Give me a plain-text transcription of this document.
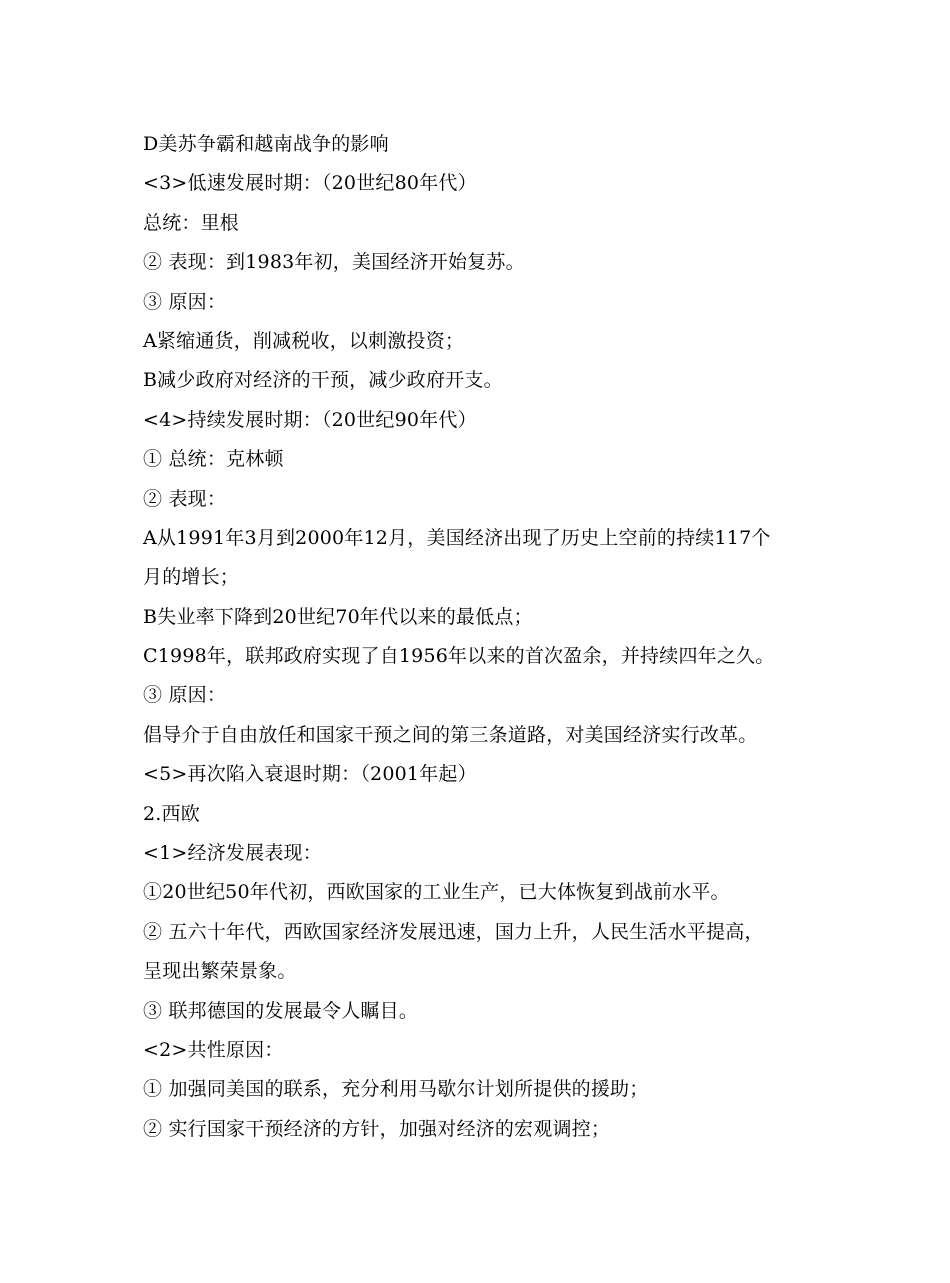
D美苏争霸和越南战争的影响
<3>低速发展时期：（20世纪80年代）
总统：里根
② 表现：到1983年初，美国经济开始复苏。
③ 原因：
A紧缩通货，削减税收，以刺激投资；
B减少政府对经济的干预，减少政府开支。
<4>持续发展时期：（20世纪90年代）
① 总统：克林顿
② 表现：
A从1991年3月到2000年12月，美国经济出现了历史上空前的持续117个
月的增长；
B失业率下降到20世纪70年代以来的最低点；
C1998年，联邦政府实现了自1956年以来的首次盈余，并持续四年之久。
③ 原因：
倡导介于自由放任和国家干预之间的第三条道路，对美国经济实行改革。
<5>再次陷入衰退时期：（2001年起）
2.西欧
<1>经济发展表现：
①20世纪50年代初，西欧国家的工业生产，已大体恢复到战前水平。
② 五六十年代，西欧国家经济发展迅速，国力上升，人民生活水平提高，
呈现出繁荣景象。
③ 联邦德国的发展最令人瞩目。
<2>共性原因：
① 加强同美国的联系，充分利用马歇尔计划所提供的援助；
② 实行国家干预经济的方针，加强对经济的宏观调控；
